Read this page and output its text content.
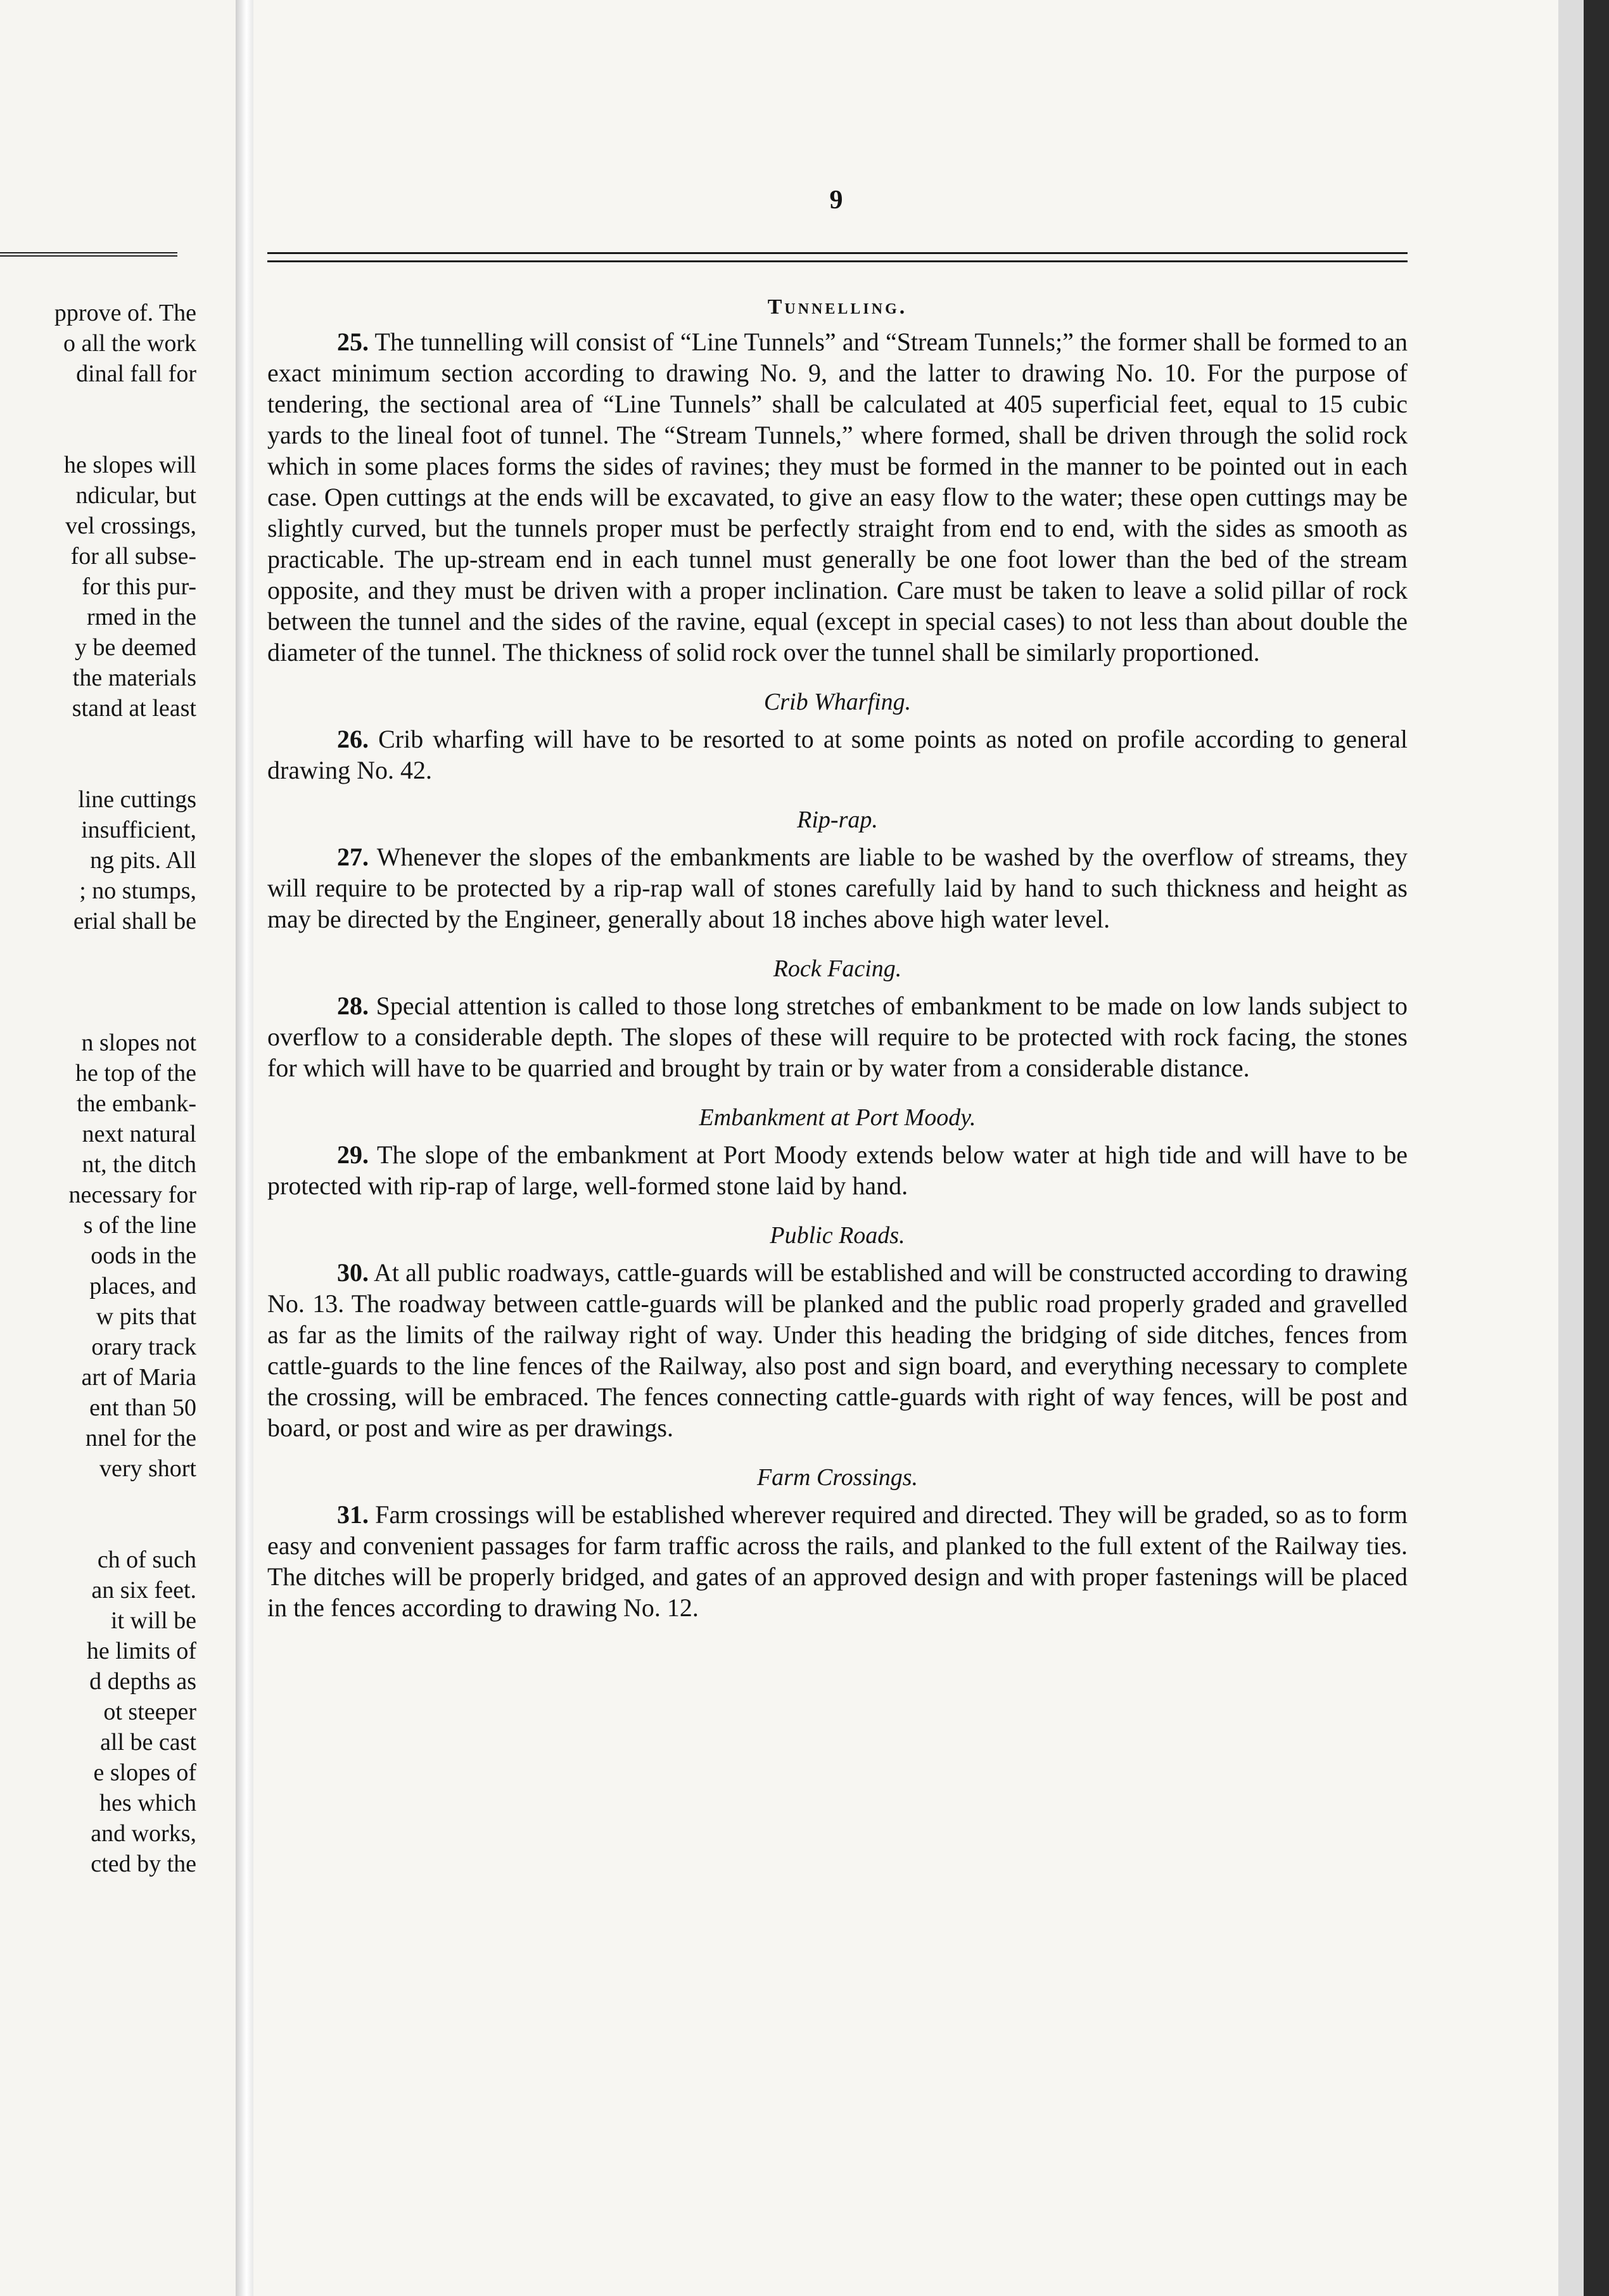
pprove of. The
o all the work
dinal fall for
he slopes will
ndicular, but
vel crossings,
for all subse-
for this pur-
rmed in the
y be deemed
the materials
stand at least
line cuttings
insufficient,
ng pits. All
; no stumps,
erial shall be
n slopes not
he top of the
the embank-
next natural
nt, the ditch
necessary for
s of the line
oods in the
places, and
w pits that
orary track
art of Maria
ent than 50
nnel for the
very short
ch of such
an six feet.
it will be
he limits of
d depths as
ot steeper
all be cast
e slopes of
hes which
and works,
cted by the
9
Tunnelling.

25. The tunnelling will consist of “Line Tunnels” and “Stream Tunnels;” the former shall be formed to an exact minimum section according to drawing No. 9, and the latter to drawing No. 10. For the purpose of tendering, the sectional area of “Line Tunnels” shall be calculated at 405 superficial feet, equal to 15 cubic yards to the lineal foot of tunnel. The “Stream Tunnels,” where formed, shall be driven through the solid rock which in some places forms the sides of ravines; they must be formed in the manner to be pointed out in each case. Open cuttings at the ends will be excavated, to give an easy flow to the water; these open cuttings may be slightly curved, but the tunnels proper must be perfectly straight from end to end, with the sides as smooth as practicable. The up-stream end in each tunnel must generally be one foot lower than the bed of the stream opposite, and they must be driven with a proper inclination. Care must be taken to leave a solid pillar of rock between the tunnel and the sides of the ravine, equal (except in special cases) to not less than about double the diameter of the tunnel. The thickness of solid rock over the tunnel shall be similarly proportioned.

Crib Wharfing.

26. Crib wharfing will have to be resorted to at some points as noted on profile according to general drawing No. 42.

Rip-rap.

27. Whenever the slopes of the embankments are liable to be washed by the overflow of streams, they will require to be protected by a rip-rap wall of stones carefully laid by hand to such thickness and height as may be directed by the Engineer, generally about 18 inches above high water level.

Rock Facing.

28. Special attention is called to those long stretches of embankment to be made on low lands subject to overflow to a considerable depth. The slopes of these will require to be protected with rock facing, the stones for which will have to be quarried and brought by train or by water from a considerable distance.

Embankment at Port Moody.

29. The slope of the embankment at Port Moody extends below water at high tide and will have to be protected with rip-rap of large, well-formed stone laid by hand.

Public Roads.

30. At all public roadways, cattle-guards will be established and will be constructed according to drawing No. 13. The roadway between cattle-guards will be planked and the public road properly graded and gravelled as far as the limits of the railway right of way. Under this heading the bridging of side ditches, fences from cattle-guards to the line fences of the Railway, also post and sign board, and everything necessary to complete the crossing, will be embraced. The fences connecting cattle-guards with right of way fences, will be post and board, or post and wire as per drawings.

Farm Crossings.

31. Farm crossings will be established wherever required and directed. They will be graded, so as to form easy and convenient passages for farm traffic across the rails, and planked to the full extent of the Railway ties. The ditches will be properly bridged, and gates of an approved design and with proper fastenings will be placed in the fences according to drawing No. 12.
